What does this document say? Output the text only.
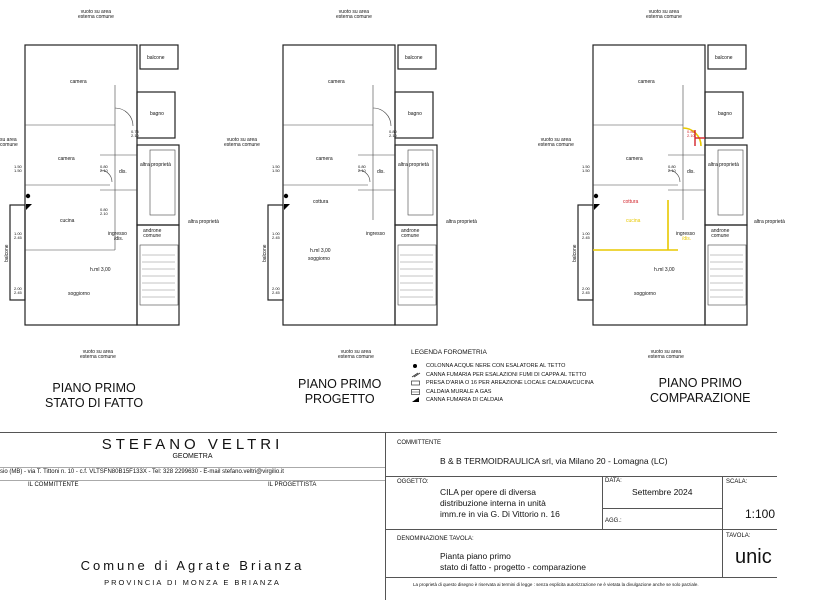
vuoto su area
esterna comune
su area
comune
vuoto su area
esterna comune
camera
balcone
bagno
camera
dis.
altra proprietà
cucina
ingresso
/dis.
androne
comune
altra proprietà
h.ml 3,00
soggiorno
balcone
0.75
2.10
1.50
1.50
0.80
2.10
0.80
2.10
1.00
2.45
2.00
2.45
PIANO PRIMO
STATO DI FATTO
vuoto su area
esterna comune
vuoto su area
esterna comune
vuoto su area
esterna comune
camera
balcone
bagno
camera
dis.
altra proprietà
cottura
ingresso	androne
comune
altra proprietà
h.ml 3,00
soggiorno
balcone
0.80
2.10
1.50
1.50
0.80
2.10
1.00
2.45
2.00
2.45
PIANO PRIMO
PROGETTO
vuoto su area
esterna comune
vuoto su area
esterna comune
vuoto su area
esterna comune
camera
balcone
bagno
camera
dis.
altra proprietà
cottura
cucina
ingresso
/dis.
androne
comune
altra proprietà
h.ml 3,00
soggiorno
balcone
0.80
2.10
1.50
1.50
0.80
2.10
1.00
2.45
2.00
2.45
PIANO PRIMO
COMPARAZIONE
LEGENDA FOROMETRIA
COLONNA ACQUE NERE CON ESALATORE AL TETTO
CANNA FUMARIA PER ESALAZIONI FUMI DI CAPPA AL TETTO
PRESA D'ARIA O 16 PER AREAZIONE LOCALE CALDAIA/CUCINA
CALDAIA MURALE A GAS
CANNA FUMARIA DI CALDAIA
STEFANO VELTRI
GEOMETRA
sio (MB) - via T. Tittoni n. 10 - c.f. VLTSFN80B15F133X - Tel: 328 2299630 - E-mail stefano.veltri@virgilio.it
IL COMMITTENTE	IL PROGETTISTA
Comune di Agrate Brianza
PROVINCIA DI MONZA E BRIANZA
COMMITTENTE
B & B TERMOIDRAULICA srl, via Milano 20 - Lomagna (LC)
OGGETTO:
CILA per opere di diversa
distribuzione interna in unità
imm.re in via G. Di Vittorio n. 16
DATA:
Settembre 2024
AGG.:
SCALA:
1:100
DENOMINAZIONE TAVOLA:
Pianta piano primo
stato di fatto - progetto - comparazione
TAVOLA:
unic
La proprietà di questo disegno è riservata ai termini di legge : senza esplicita autorizzazione ne è vietata la divulgazione anche se solo parziale.
